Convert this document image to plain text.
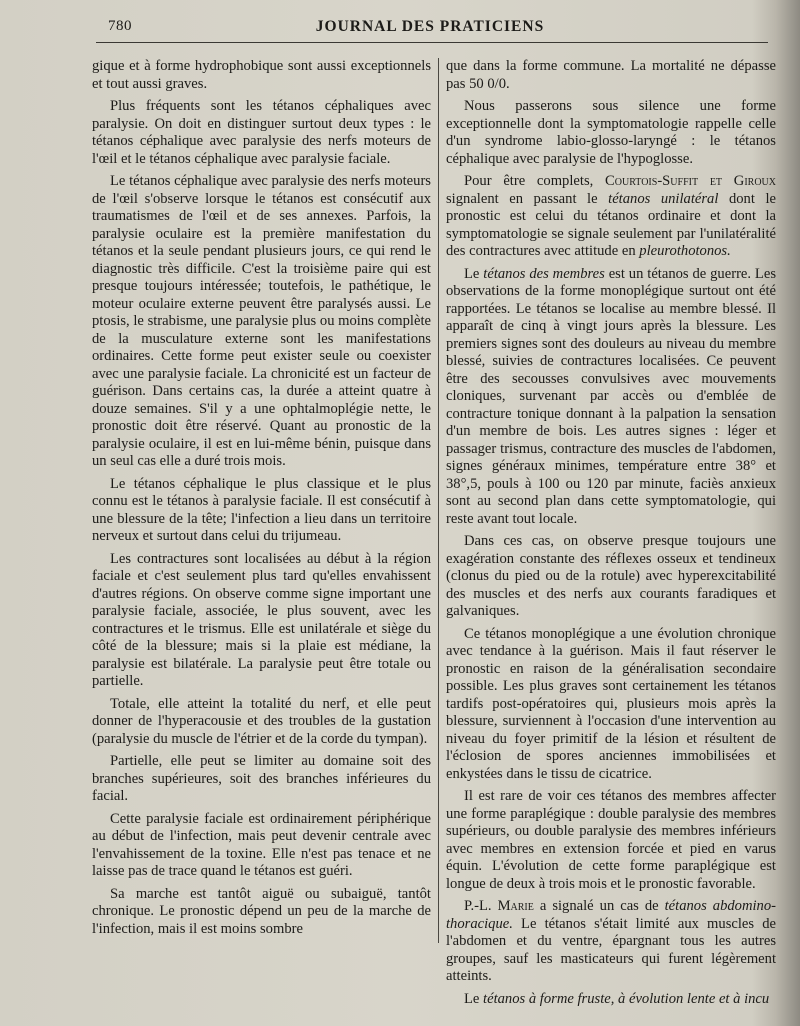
780	JOURNAL DES PRATICIENS

gique et à forme hydrophobique sont aussi exceptionnels et tout aussi graves.

Plus fréquents sont les tétanos céphaliques avec paralysie. On doit en distinguer surtout deux types : le tétanos céphalique avec paralysie des nerfs moteurs de l'œil et le tétanos céphalique avec paralysie faciale.

Le tétanos céphalique avec paralysie des nerfs moteurs de l'œil s'observe lorsque le tétanos est consécutif aux traumatismes de l'œil et de ses annexes. Parfois, la paralysie oculaire est la première manifestation du tétanos et la seule pendant plusieurs jours, ce qui rend le diagnostic très difficile. C'est la troisième paire qui est presque toujours intéressée; toutefois, le pathétique, le moteur oculaire externe peuvent être paralysés aussi. Le ptosis, le strabisme, une paralysie plus ou moins complète de la musculature externe sont les manifestations ordinaires. Cette forme peut exister seule ou coexister avec une paralysie faciale. La chronicité est un facteur de guérison. Dans certains cas, la durée a atteint quatre à douze semaines. S'il y a une ophtalmoplégie nette, le pronostic doit être réservé. Quant au pronostic de la paralysie oculaire, il est en lui-même bénin, puisque dans un seul cas elle a duré trois mois.

Le tétanos céphalique le plus classique et le plus connu est le tétanos à paralysie faciale. Il est consécutif à une blessure de la tête; l'infection a lieu dans un territoire nerveux et surtout dans celui du trijumeau.

Les contractures sont localisées au début à la région faciale et c'est seulement plus tard qu'elles envahissent d'autres régions. On observe comme signe important une paralysie faciale, associée, le plus souvent, avec les contractures et le trismus. Elle est unilatérale et siège du côté de la blessure; mais si la plaie est médiane, la paralysie est bilatérale. La paralysie peut être totale ou partielle.

Totale, elle atteint la totalité du nerf, et elle peut donner de l'hyperacousie et des troubles de la gustation (paralysie du muscle de l'étrier et de la corde du tympan).

Partielle, elle peut se limiter au domaine soit des branches supérieures, soit des branches inférieures du facial.

Cette paralysie faciale est ordinairement périphérique au début de l'infection, mais peut devenir centrale avec l'envahissement de la toxine. Elle n'est pas tenace et ne laisse pas de trace quand le tétanos est guéri.

Sa marche est tantôt aiguë ou subaiguë, tantôt chronique. Le pronostic dépend un peu de la marche de l'infection, mais il est moins sombre

que dans la forme commune. La mortalité ne dépasse pas 50 0/0.

Nous passerons sous silence une forme exceptionnelle dont la symptomatologie rappelle celle d'un syndrome labio-glosso-laryngé : le tétanos céphalique avec paralysie de l'hypoglosse.

Pour être complets, Courtois-Suffit et Giroux signalent en passant le tétanos unilatéral dont le pronostic est celui du tétanos ordinaire et dont la symptomatologie se signale seulement par l'unilatéralité des contractures avec attitude en pleurothotonos.

Le tétanos des membres est un tétanos de guerre. Les observations de la forme monoplégique surtout ont été rapportées. Le tétanos se localise au membre blessé. Il apparaît de cinq à vingt jours après la blessure. Les premiers signes sont des douleurs au niveau du membre blessé, suivies de contractures localisées. Ce peuvent être des secousses convulsives avec mouvements cloniques, survenant par accès ou d'emblée de contracture tonique donnant à la palpation la sensation d'un membre de bois. Les autres signes : léger et passager trismus, contracture des muscles de l'abdomen, signes généraux minimes, température entre 38° et 38°,5, pouls à 100 ou 120 par minute, faciès anxieux sont au second plan dans cette symptomatologie, qui reste avant tout locale.

Dans ces cas, on observe presque toujours une exagération constante des réflexes osseux et tendineux (clonus du pied ou de la rotule) avec hyperexcitabilité des muscles et des nerfs aux courants faradiques et galvaniques.

Ce tétanos monoplégique a une évolution chronique avec tendance à la guérison. Mais il faut réserver le pronostic en raison de la généralisation secondaire possible. Les plus graves sont certainement les tétanos tardifs post-opératoires qui, plusieurs mois après la blessure, surviennent à l'occasion d'une intervention au niveau du foyer primitif de la lésion et résultent de l'éclosion de spores anciennes immobilisées et enkystées dans le tissu de cicatrice.

Il est rare de voir ces tétanos des membres affecter une forme paraplégique : double paralysie des membres supérieurs, ou double paralysie des membres inférieurs avec membres en extension forcée et pied en varus équin. L'évolution de cette forme paraplégique est longue de deux à trois mois et le pronostic favorable.

P.-L. Marie a signalé un cas de tétanos abdomino-thoracique. Le tétanos s'était limité aux muscles de l'abdomen et du ventre, épargnant tous les autres groupes, sauf les masticateurs qui furent légèrement atteints.

Le tétanos à forme fruste, à évolution lente et à incu
